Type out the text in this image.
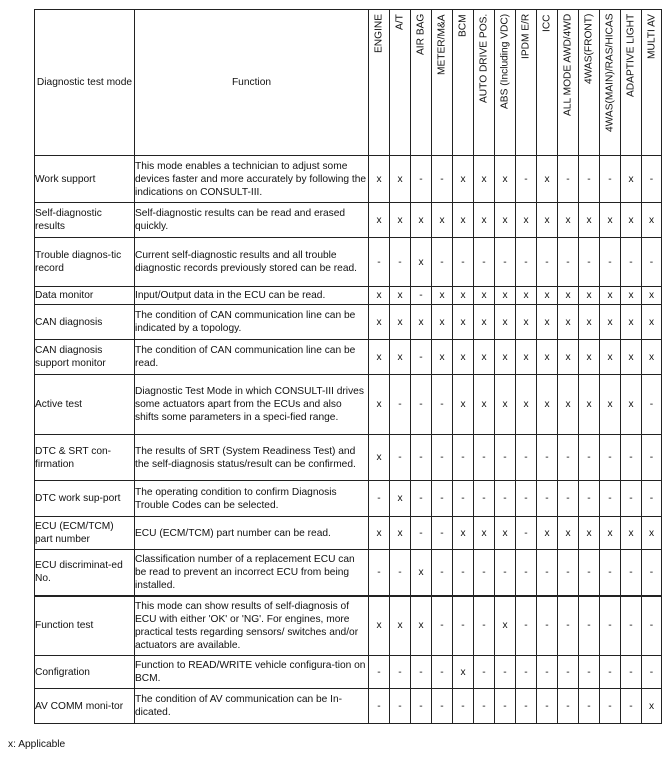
Diagnostic test mode	Function	ENGINE	A/T	AIR BAG	METER/M&A	BCM	AUTO DRIVE POS.	ABS (Including VDC)	IPDM E/R	ICC	ALL MODE AWD/4WD	4WAS(FRONT)	4WAS(MAIN)/RAS/HICAS	ADAPTIVE LIGHT	MULTI AV

Work support	This mode enables a technician to adjust some devices faster and more accurately by following the indications on CONSULT-III.	x	x	-	-	x	x	x	-	x	-	-	-	x	-
Self-diagnostic results	Self-diagnostic results can be read and erased quickly.	x	x	x	x	x	x	x	x	x	x	x	x	x	x
Trouble diagnos-tic record	Current self-diagnostic results and all trouble diagnostic records previously stored can be read.	-	-	x	-	-	-	-	-	-	-	-	-	-	-
Data monitor	Input/Output data in the ECU can be read.	x	x	-	x	x	x	x	x	x	x	x	x	x	x
CAN diagnosis	The condition of CAN communication line can be indicated by a topology.	x	x	x	x	x	x	x	x	x	x	x	x	x	x
CAN diagnosis support monitor	The condition of CAN communication line can be read.	x	x	-	x	x	x	x	x	x	x	x	x	x	x
Active test	Diagnostic Test Mode in which CONSULT-III drives some actuators apart from the ECUs and also shifts some parameters in a speci-fied range.	x	-	-	-	x	x	x	x	x	x	x	x	x	-
DTC & SRT con-firmation	The results of SRT (System Readiness Test) and the self-diagnosis status/result can be confirmed.	x	-	-	-	-	-	-	-	-	-	-	-	-	-
DTC work sup-port	The operating condition to confirm Diagnosis Trouble Codes can be selected.	-	x	-	-	-	-	-	-	-	-	-	-	-	-
ECU (ECM/TCM) part number	ECU (ECM/TCM) part number can be read.	x	x	-	-	x	x	x	-	x	x	x	x	x	x
ECU discriminat-ed No.	Classification number of a replacement ECU can be read to prevent an incorrect ECU from being installed.	-	-	x	-	-	-	-	-	-	-	-	-	-	-
Function test	This mode can show results of self-diagnosis of ECU with either 'OK' or 'NG'. For engines, more practical tests regarding sensors/ switches and/or actuators are available.	x	x	x	-	-	-	x	-	-	-	-	-	-	-
Configration	Function to READ/WRITE vehicle configura-tion on BCM.	-	-	-	-	x	-	-	-	-	-	-	-	-	-
AV COMM moni-tor	The condition of AV communication can be In-dicated.	-	-	-	-	-	-	-	-	-	-	-	-	-	x
x: Applicable
